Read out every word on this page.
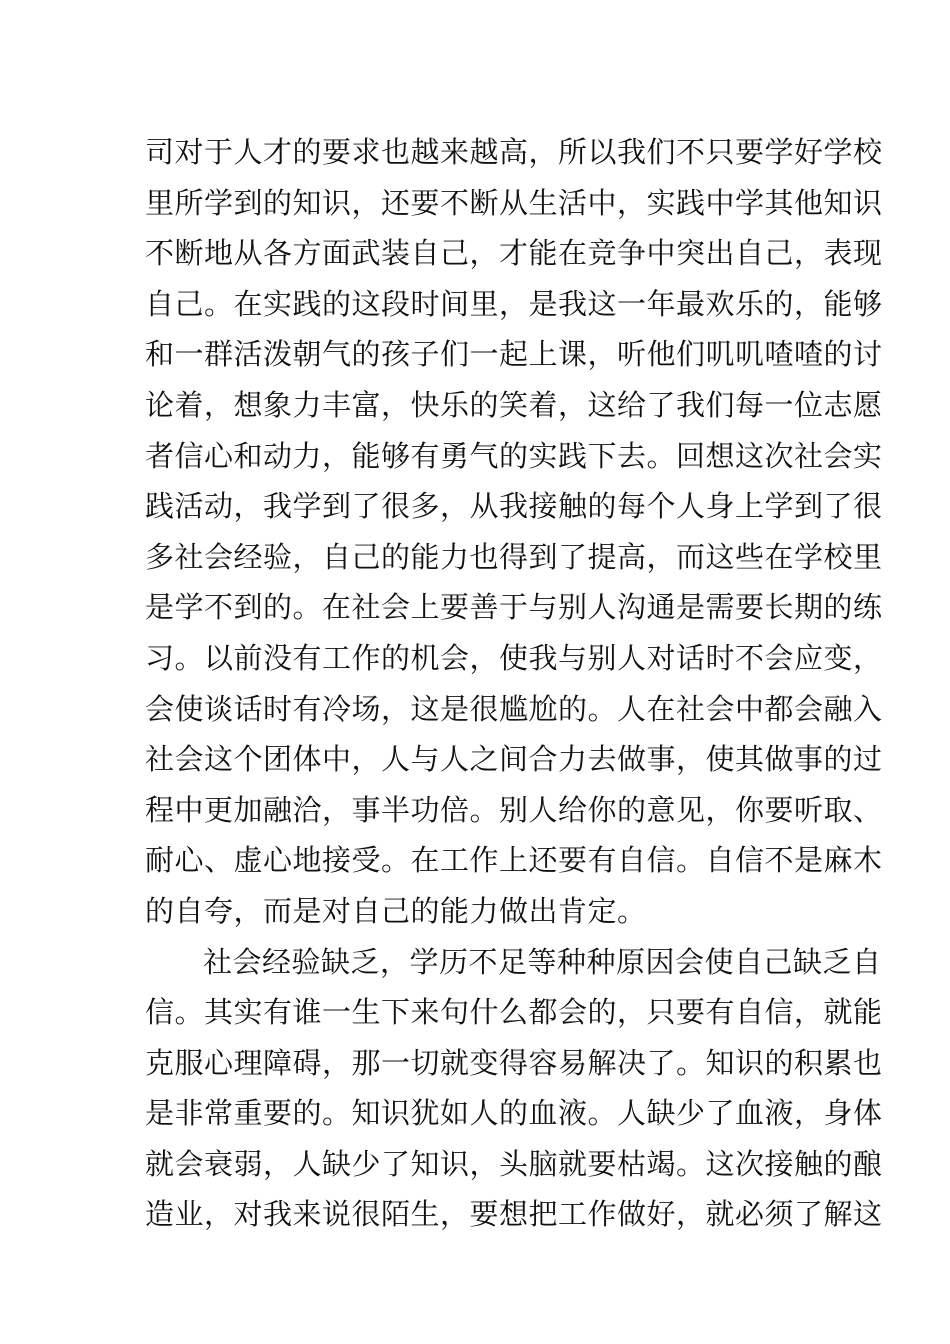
司对于人才的要求也越来越高，所以我们不只要学好学校
里所学到的知识，还要不断从生活中，实践中学其他知识
不断地从各方面武装自己，才能在竞争中突出自己，表现
自己。在实践的这段时间里，是我这一年最欢乐的，能够
和一群活泼朝气的孩子们一起上课，听他们叽叽喳喳的讨
论着，想象力丰富，快乐的笑着，这给了我们每一位志愿
者信心和动力，能够有勇气的实践下去。回想这次社会实
践活动，我学到了很多，从我接触的每个人身上学到了很
多社会经验，自己的能力也得到了提高，而这些在学校里
是学不到的。在社会上要善于与别人沟通是需要长期的练
习。以前没有工作的机会，使我与别人对话时不会应变，
会使谈话时有冷场，这是很尴尬的。人在社会中都会融入
社会这个团体中，人与人之间合力去做事，使其做事的过
程中更加融洽，事半功倍。别人给你的意见，你要听取、
耐心、虚心地接受。在工作上还要有自信。自信不是麻木
的自夸，而是对自己的能力做出肯定。
社会经验缺乏，学历不足等种种原因会使自己缺乏自
信。其实有谁一生下来句什么都会的，只要有自信，就能
克服心理障碍，那一切就变得容易解决了。知识的积累也
是非常重要的。知识犹如人的血液。人缺少了血液，身体
就会衰弱，人缺少了知识，头脑就要枯竭。这次接触的酿
造业，对我来说很陌生，要想把工作做好，就必须了解这
